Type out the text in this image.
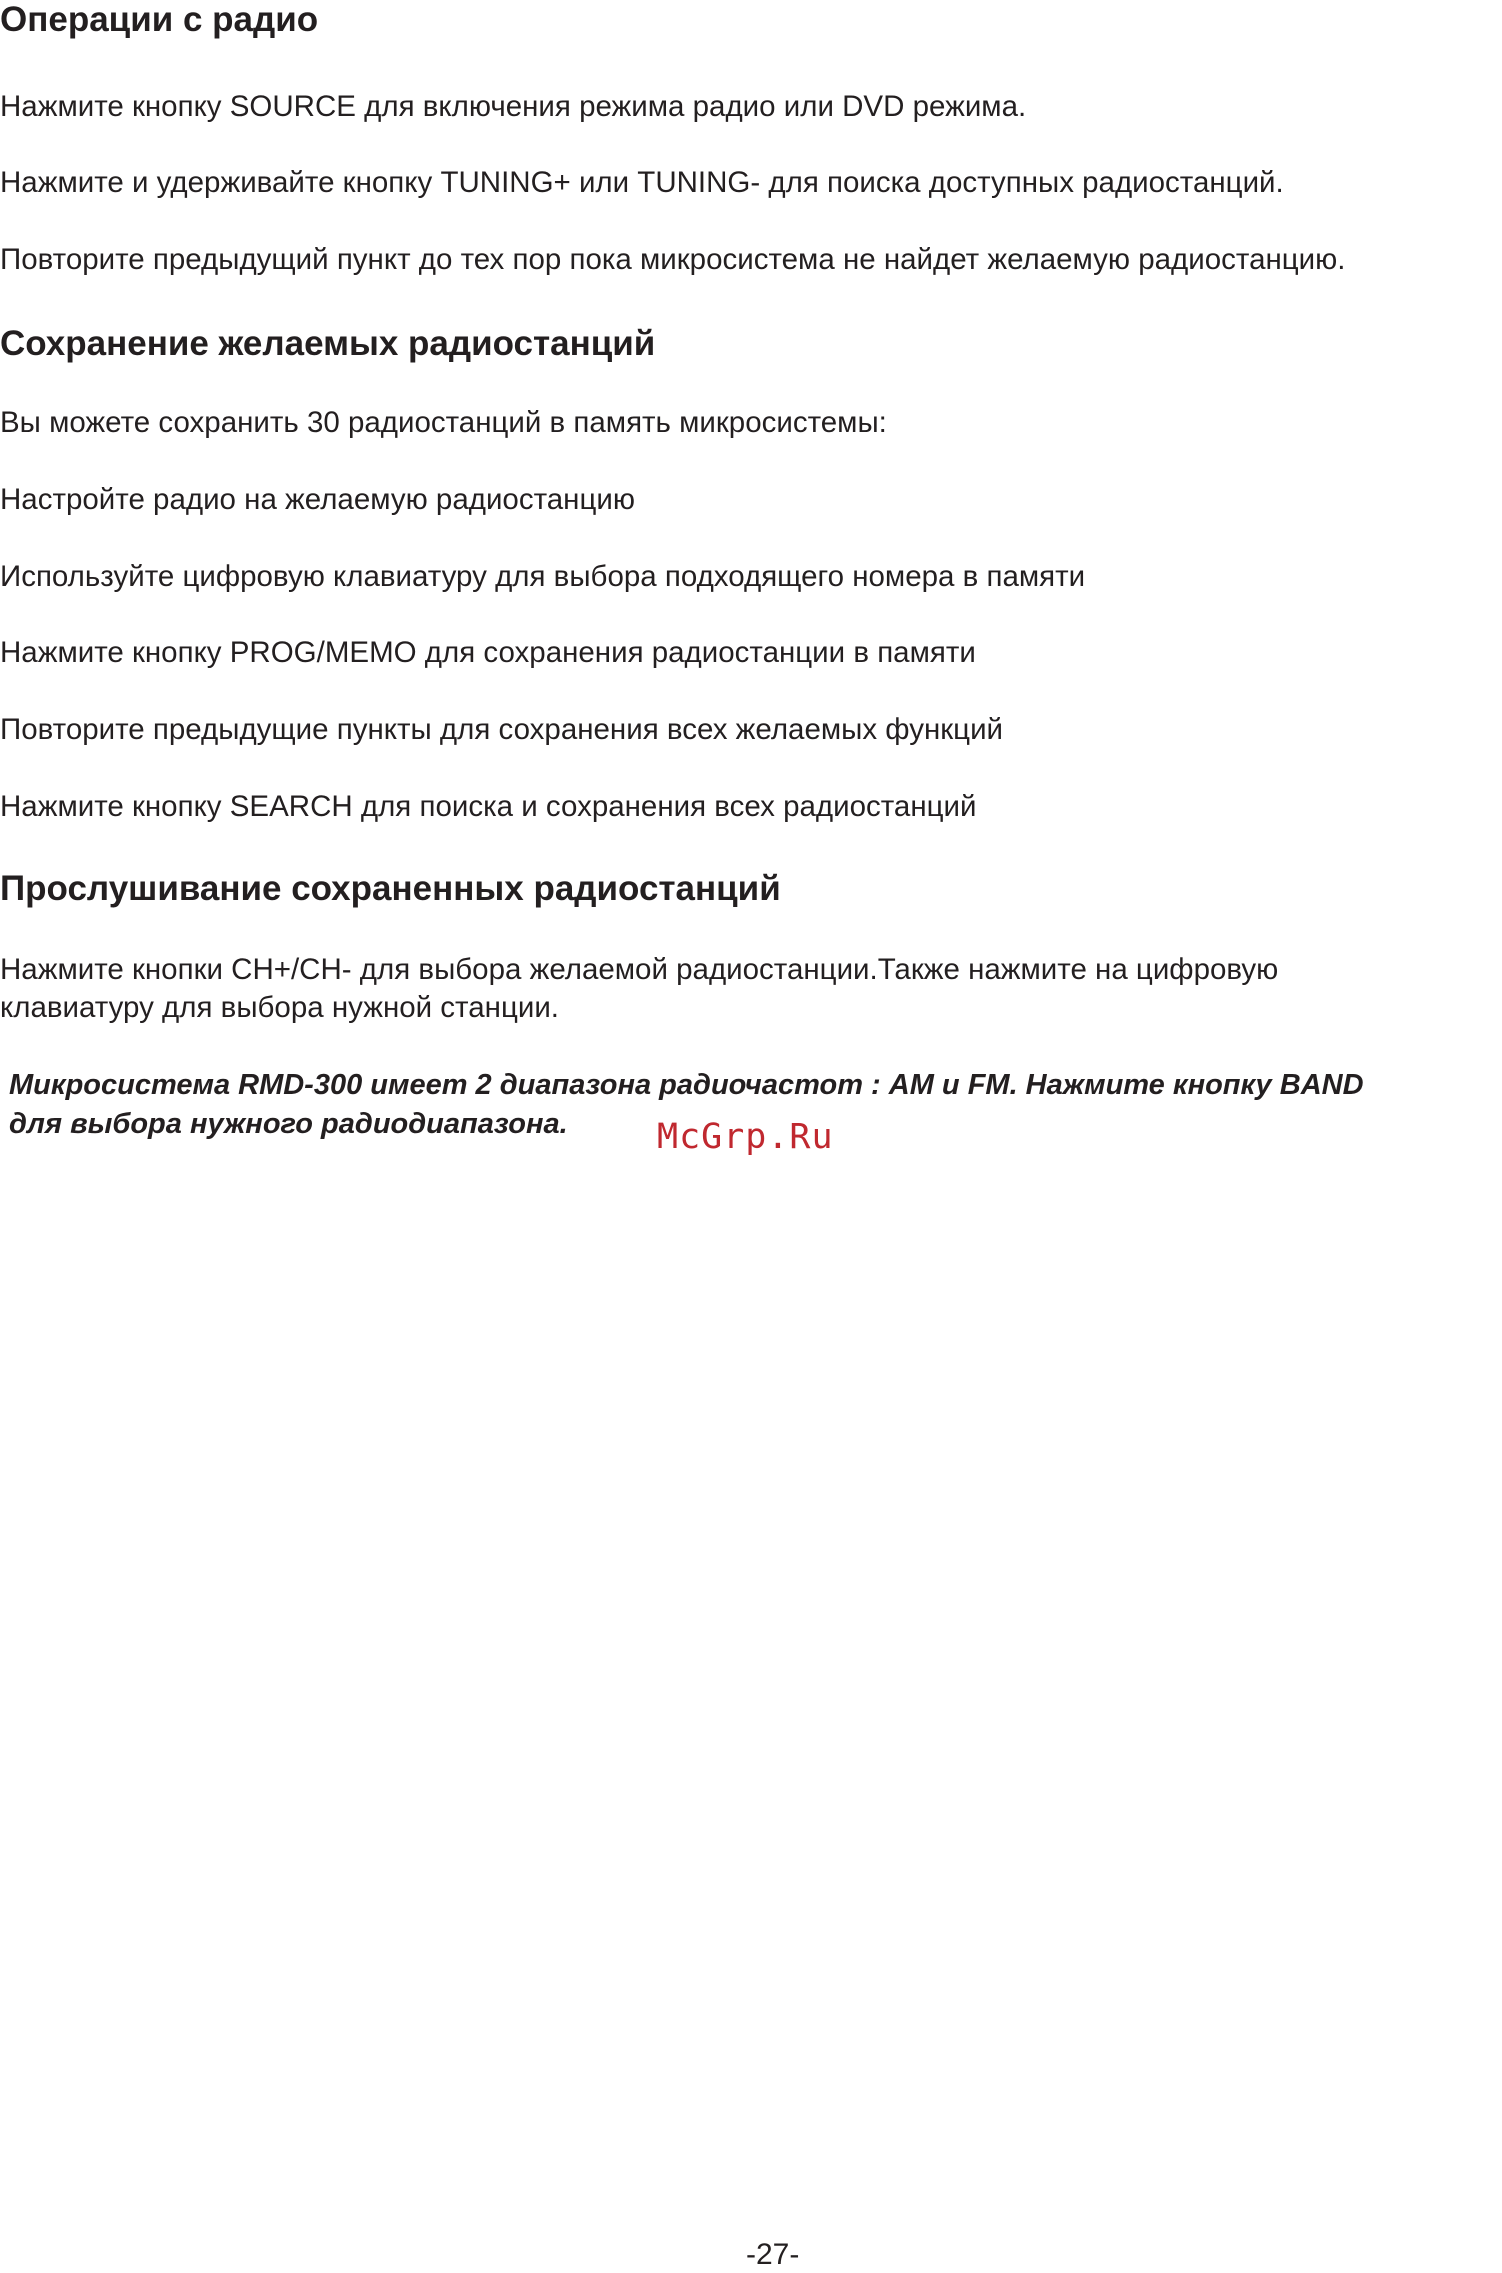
Операции с радио

Нажмите кнопку SOURCE для включения режима радио или DVD режима.

Нажмите и удерживайте кнопку TUNING+ или TUNING- для поиска доступных радиостанций.

Повторите предыдущий пункт до тех пор пока микросистема не найдет желаемую радиостанцию.

Сохранение желаемых радиостанций

Вы можете сохранить 30 радиостанций в память микросистемы:

Настройте радио на желаемую радиостанцию

Используйте цифровую клавиатуру для выбора подходящего номера в памяти

Нажмите кнопку PROG/MEMO для сохранения радиостанции в памяти

Повторите предыдущие пункты для сохранения всех желаемых функций

Нажмите кнопку SEARCH для поиска и сохранения всех радиостанций

Прослушивание сохраненных радиостанций

Нажмите кнопки CH+/CH- для выбора желаемой радиостанции.Также нажмите на цифровую

клавиатуру для выбора нужной станции.

Микросистема RMD-300 имеет 2 диапазона радиочастот : AM и FM. Нажмите кнопку BAND
для выбора нужного радиодиапазона.	McGrp.Ru
-27-
